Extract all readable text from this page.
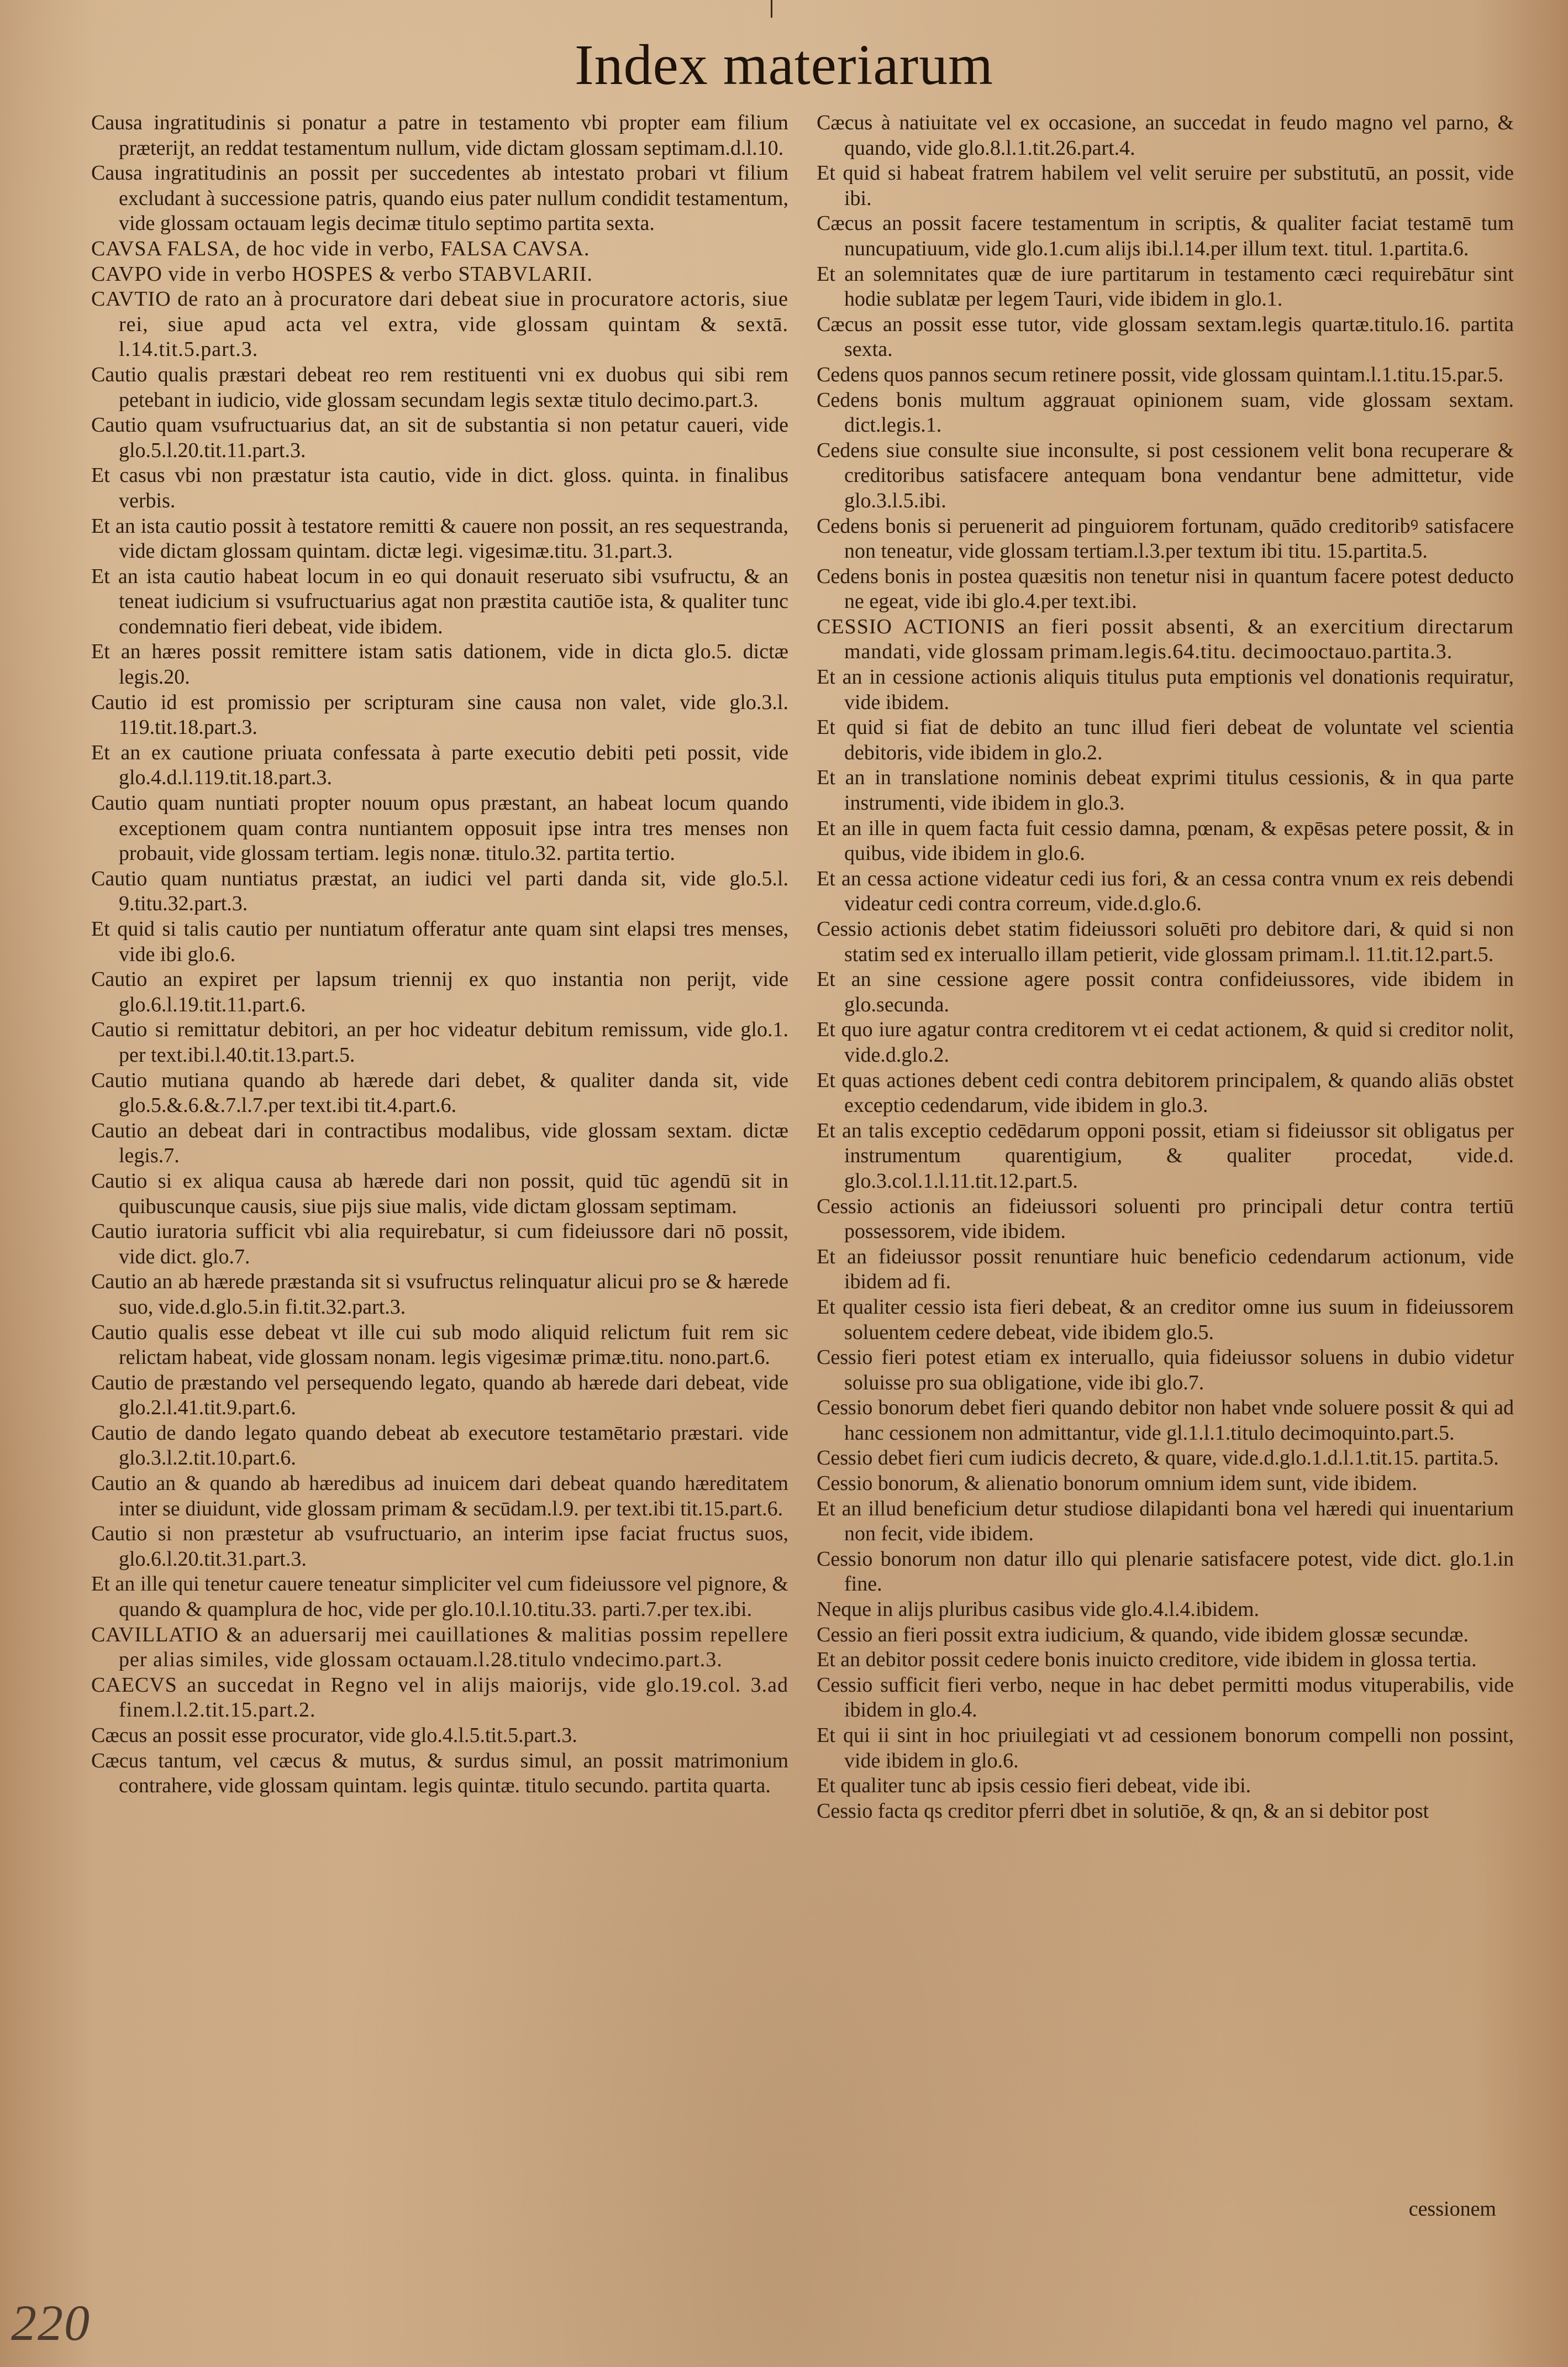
Index materiarum

Causa ingratitudinis si ponatur a patre in testamento vbi propter eam filium præterijt, an reddat testamentum nullum, vide dictam glossam septimam.d.l.10.

Causa ingratitudinis an possit per succedentes ab intestato probari vt filium excludant à successione patris, quando eius pater nullum condidit testamentum, vide glossam octauam legis decimæ titulo septimo partita sexta.

CAVSA FALSA, de hoc vide in verbo, FALSA CAVSA.

CAVPO vide in verbo HOSPES & verbo STABVLARII.

CAVTIO de rato an à procuratore dari debeat siue in procuratore actoris, siue rei, siue apud acta vel extra, vide glossam quintam & sextā. l.14.tit.5.part.3.

Cautio qualis præstari debeat reo rem restituenti vni ex duobus qui sibi rem petebant in iudicio, vide glossam secundam legis sextæ titulo decimo.part.3.

Cautio quam vsufructuarius dat, an sit de substantia si non petatur caueri, vide glo.5.l.20.tit.11.part.3.

Et casus vbi non præstatur ista cautio, vide in dict. gloss. quinta. in finalibus verbis.

Et an ista cautio possit à testatore remitti & cauere non possit, an res sequestranda, vide dictam glossam quintam. dictæ legi. vigesimæ.titu. 31.part.3.

Et an ista cautio habeat locum in eo qui donauit reseruato sibi vsufructu, & an teneat iudicium si vsufructuarius agat non præstita cautiōe ista, & qualiter tunc condemnatio fieri debeat, vide ibidem.

Et an hæres possit remittere istam satis dationem, vide in dicta glo.5. dictæ legis.20.

Cautio id est promissio per scripturam sine causa non valet, vide glo.3.l. 119.tit.18.part.3.

Et an ex cautione priuata confessata à parte executio debiti peti possit, vide glo.4.d.l.119.tit.18.part.3.

Cautio quam nuntiati propter nouum opus præstant, an habeat locum quando exceptionem quam contra nuntiantem opposuit ipse intra tres menses non probauit, vide glossam tertiam. legis nonæ. titulo.32. partita tertio.

Cautio quam nuntiatus præstat, an iudici vel parti danda sit, vide glo.5.l. 9.titu.32.part.3.

Et quid si talis cautio per nuntiatum offeratur ante quam sint elapsi tres menses, vide ibi glo.6.

Cautio an expiret per lapsum triennij ex quo instantia non perijt, vide glo.6.l.19.tit.11.part.6.

Cautio si remittatur debitori, an per hoc videatur debitum remissum, vide glo.1. per text.ibi.l.40.tit.13.part.5.

Cautio mutiana quando ab hærede dari debet, & qualiter danda sit, vide glo.5.&.6.&.7.l.7.per text.ibi tit.4.part.6.

Cautio an debeat dari in contractibus modalibus, vide glossam sextam. dictæ legis.7.

Cautio si ex aliqua causa ab hærede dari non possit, quid tūc agendū sit in quibuscunque causis, siue pijs siue malis, vide dictam glossam septimam.

Cautio iuratoria sufficit vbi alia requirebatur, si cum fideiussore dari nō possit, vide dict. glo.7.

Cautio an ab hærede præstanda sit si vsufructus relinquatur alicui pro se & hærede suo, vide.d.glo.5.in fi.tit.32.part.3.

Cautio qualis esse debeat vt ille cui sub modo aliquid relictum fuit rem sic relictam habeat, vide glossam nonam. legis vigesimæ primæ.titu. nono.part.6.

Cautio de præstando vel persequendo legato, quando ab hærede dari debeat, vide glo.2.l.41.tit.9.part.6.

Cautio de dando legato quando debeat ab executore testamētario præstari. vide glo.3.l.2.tit.10.part.6.

Cautio an & quando ab hæredibus ad inuicem dari debeat quando hæreditatem inter se diuidunt, vide glossam primam & secūdam.l.9. per text.ibi tit.15.part.6.

Cautio si non præstetur ab vsufructuario, an interim ipse faciat fructus suos, glo.6.l.20.tit.31.part.3.

Et an ille qui tenetur cauere teneatur simpliciter vel cum fideiussore vel pignore, & quando & quamplura de hoc, vide per glo.10.l.10.titu.33. parti.7.per tex.ibi.

CAVILLATIO & an aduersarij mei cauillationes & malitias possim repellere per alias similes, vide glossam octauam.l.28.titulo vndecimo.part.3.

CAECVS an succedat in Regno vel in alijs maiorijs, vide glo.19.col. 3.ad finem.l.2.tit.15.part.2.

Cæcus an possit esse procurator, vide glo.4.l.5.tit.5.part.3.

Cæcus tantum, vel cæcus & mutus, & surdus simul, an possit matrimonium contrahere, vide glossam quintam. legis quintæ. titulo secundo. partita quarta.

Cæcus à natiuitate vel ex occasione, an succedat in feudo magno vel parno, & quando, vide glo.8.l.1.tit.26.part.4.

Et quid si habeat fratrem habilem vel velit seruire per substitutū, an possit, vide ibi.

Cæcus an possit facere testamentum in scriptis, & qualiter faciat testamē tum nuncupatiuum, vide glo.1.cum alijs ibi.l.14.per illum text. titul. 1.partita.6.

Et an solemnitates quæ de iure partitarum in testamento cæci requirebātur sint hodie sublatæ per legem Tauri, vide ibidem in glo.1.

Cæcus an possit esse tutor, vide glossam sextam.legis quartæ.titulo.16. partita sexta.

Cedens quos pannos secum retinere possit, vide glossam quintam.l.1.titu.15.par.5.

Cedens bonis multum aggrauat opinionem suam, vide glossam sextam. dict.legis.1.

Cedens siue consulte siue inconsulte, si post cessionem velit bona recuperare & creditoribus satisfacere antequam bona vendantur bene admittetur, vide glo.3.l.5.ibi.

Cedens bonis si peruenerit ad pinguiorem fortunam, quādo creditoribꝰ satisfacere non teneatur, vide glossam tertiam.l.3.per textum ibi titu. 15.partita.5.

Cedens bonis in postea quæsitis non tenetur nisi in quantum facere potest deducto ne egeat, vide ibi glo.4.per text.ibi.

CESSIO ACTIONIS an fieri possit absenti, & an exercitium directarum mandati, vide glossam primam.legis.64.titu. decimooctauo.partita.3.

Et an in cessione actionis aliquis titulus puta emptionis vel donationis requiratur, vide ibidem.

Et quid si fiat de debito an tunc illud fieri debeat de voluntate vel scientia debitoris, vide ibidem in glo.2.

Et an in translatione nominis debeat exprimi titulus cessionis, & in qua parte instrumenti, vide ibidem in glo.3.

Et an ille in quem facta fuit cessio damna, pœnam, & expēsas petere possit, & in quibus, vide ibidem in glo.6.

Et an cessa actione videatur cedi ius fori, & an cessa contra vnum ex reis debendi videatur cedi contra correum, vide.d.glo.6.

Cessio actionis debet statim fideiussori soluēti pro debitore dari, & quid si non statim sed ex interuallo illam petierit, vide glossam primam.l. 11.tit.12.part.5.

Et an sine cessione agere possit contra confideiussores, vide ibidem in glo.secunda.

Et quo iure agatur contra creditorem vt ei cedat actionem, & quid si creditor nolit, vide.d.glo.2.

Et quas actiones debent cedi contra debitorem principalem, & quando aliās obstet exceptio cedendarum, vide ibidem in glo.3.

Et an talis exceptio cedēdarum opponi possit, etiam si fideiussor sit obligatus per instrumentum quarentigium, & qualiter procedat, vide.d. glo.3.col.1.l.11.tit.12.part.5.

Cessio actionis an fideiussori soluenti pro principali detur contra tertiū possessorem, vide ibidem.

Et an fideiussor possit renuntiare huic beneficio cedendarum actionum, vide ibidem ad fi.

Et qualiter cessio ista fieri debeat, & an creditor omne ius suum in fideiussorem soluentem cedere debeat, vide ibidem glo.5.

Cessio fieri potest etiam ex interuallo, quia fideiussor soluens in dubio videtur soluisse pro sua obligatione, vide ibi glo.7.

Cessio bonorum debet fieri quando debitor non habet vnde soluere possit & qui ad hanc cessionem non admittantur, vide gl.1.l.1.titulo decimoquinto.part.5.

Cessio debet fieri cum iudicis decreto, & quare, vide.d.glo.1.d.l.1.tit.15. partita.5.

Cessio bonorum, & alienatio bonorum omnium idem sunt, vide ibidem.

Et an illud beneficium detur studiose dilapidanti bona vel hæredi qui inuentarium non fecit, vide ibidem.

Cessio bonorum non datur illo qui plenarie satisfacere potest, vide dict. glo.1.in fine.

Neque in alijs pluribus casibus vide glo.4.l.4.ibidem.

Cessio an fieri possit extra iudicium, & quando, vide ibidem glossæ secundæ.

Et an debitor possit cedere bonis inuicto creditore, vide ibidem in glossa tertia.

Cessio sufficit fieri verbo, neque in hac debet permitti modus vituperabilis, vide ibidem in glo.4.

Et qui ii sint in hoc priuilegiati vt ad cessionem bonorum compelli non possint, vide ibidem in glo.6.

Et qualiter tunc ab ipsis cessio fieri debeat, vide ibi.

Cessio facta qs creditor pferri dbet in solutiōe, & qn, & an si debitor post

cessionem
220
